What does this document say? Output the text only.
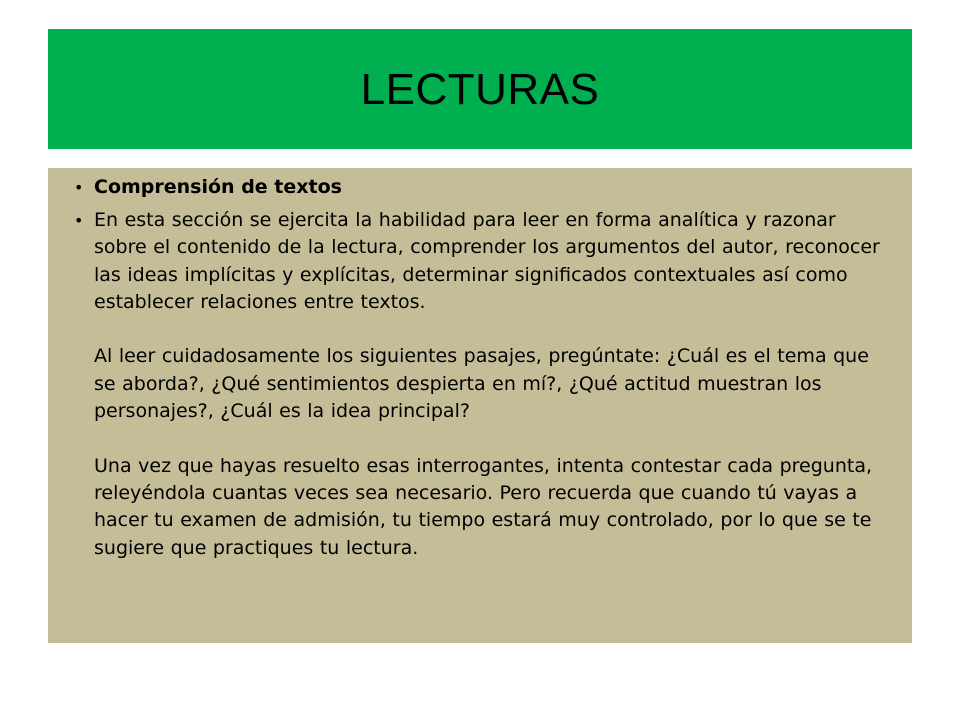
LECTURAS
• Comprensión de textos
• En esta sección se ejercita la habilidad para leer en forma analítica y razonar sobre el contenido de la lectura, comprender los argumentos del autor, reconocer las ideas implícitas y explícitas, determinar significados contextuales así como establecer relaciones entre textos.

Al leer cuidadosamente los siguientes pasajes, pregúntate: ¿Cuál es el tema que se aborda?, ¿Qué sentimientos despierta en mí?, ¿Qué actitud muestran los personajes?, ¿Cuál es la idea principal?

Una vez que hayas resuelto esas interrogantes, intenta contestar cada pregunta, releyéndola cuantas veces sea necesario. Pero recuerda que cuando tú vayas a hacer tu examen de admisión, tu tiempo estará muy controlado, por lo que se te sugiere que practiques tu lectura.
